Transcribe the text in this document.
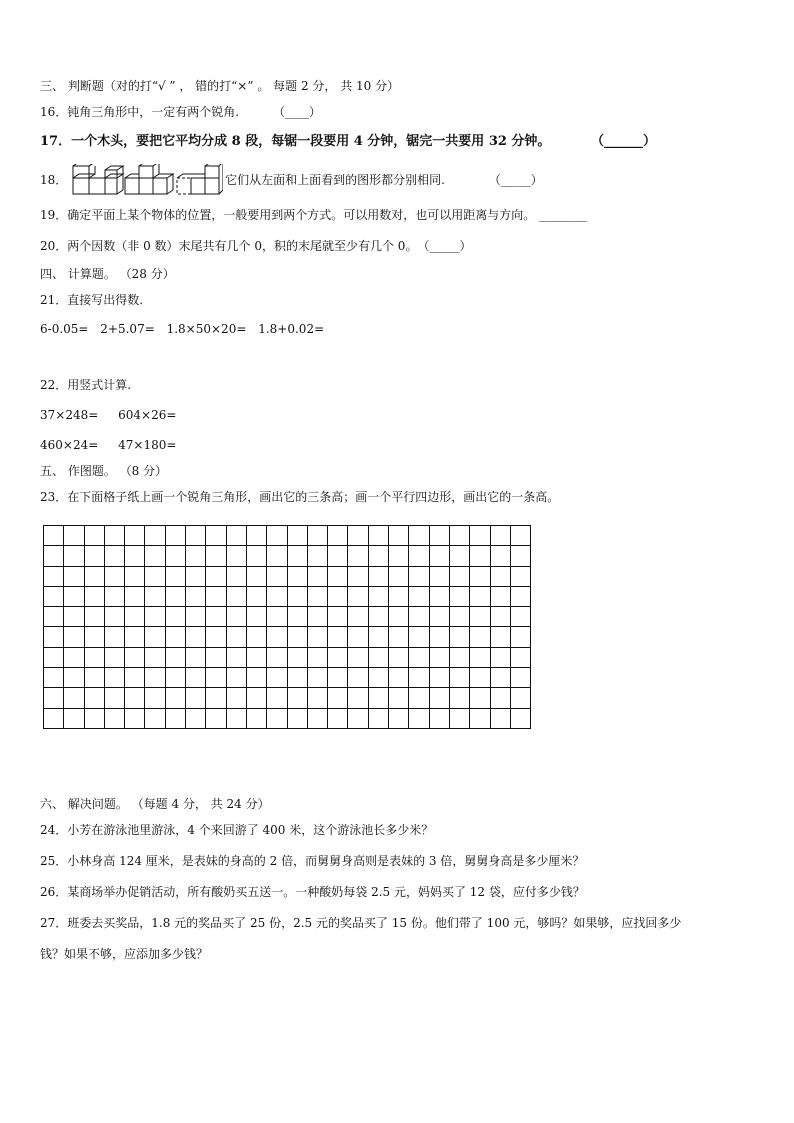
三、 判断题（对的打“√ ” ， 错的打“×” 。 每题 2 分， 共 10 分）
16．钝角三角形中，一定有两个锐角.	（____）
17．一个木头，要把它平均分成 8 段，每锯一段要用 4 分钟，锯完一共要用 32 分钟。	（______）
18．	它们从左面和上面看到的图形都分别相同.	（_____）
19．确定平面上某个物体的位置，一般要用到两个方式。可以用数对，也可以用距离与方向。 ________
20．两个因数（非 0 数）末尾共有几个 0，积的末尾就至少有几个 0。（_____）
四、 计算题。 （28 分）
21．直接写出得数.
6-0.05= 2+5.07= 1.8×50×20= 1.8+0.02=
22．用竖式计算.
37×248= 604×26=
460×24= 47×180=
五、 作图题。 （8 分）
23．在下面格子纸上画一个锐角三角形，画出它的三条高；画一个平行四边形，画出它的一条高。

六、 解决问题。 （每题 4 分， 共 24 分）
24．小芳在游泳池里游泳，4 个来回游了 400 米，这个游泳池长多少米？
25．小林身高 124 厘米，是表妹的身高的 2 倍，而舅舅身高则是表妹的 3 倍，舅舅身高是多少厘米？
26．某商场举办促销活动，所有酸奶买五送一。一种酸奶每袋 2.5 元，妈妈买了 12 袋，应付多少钱？
27．班委去买奖品，1.8 元的奖品买了 25 份，2.5 元的奖品买了 15 份。他们带了 100 元，够吗？如果够，应找回多少
钱？如果不够，应添加多少钱？
